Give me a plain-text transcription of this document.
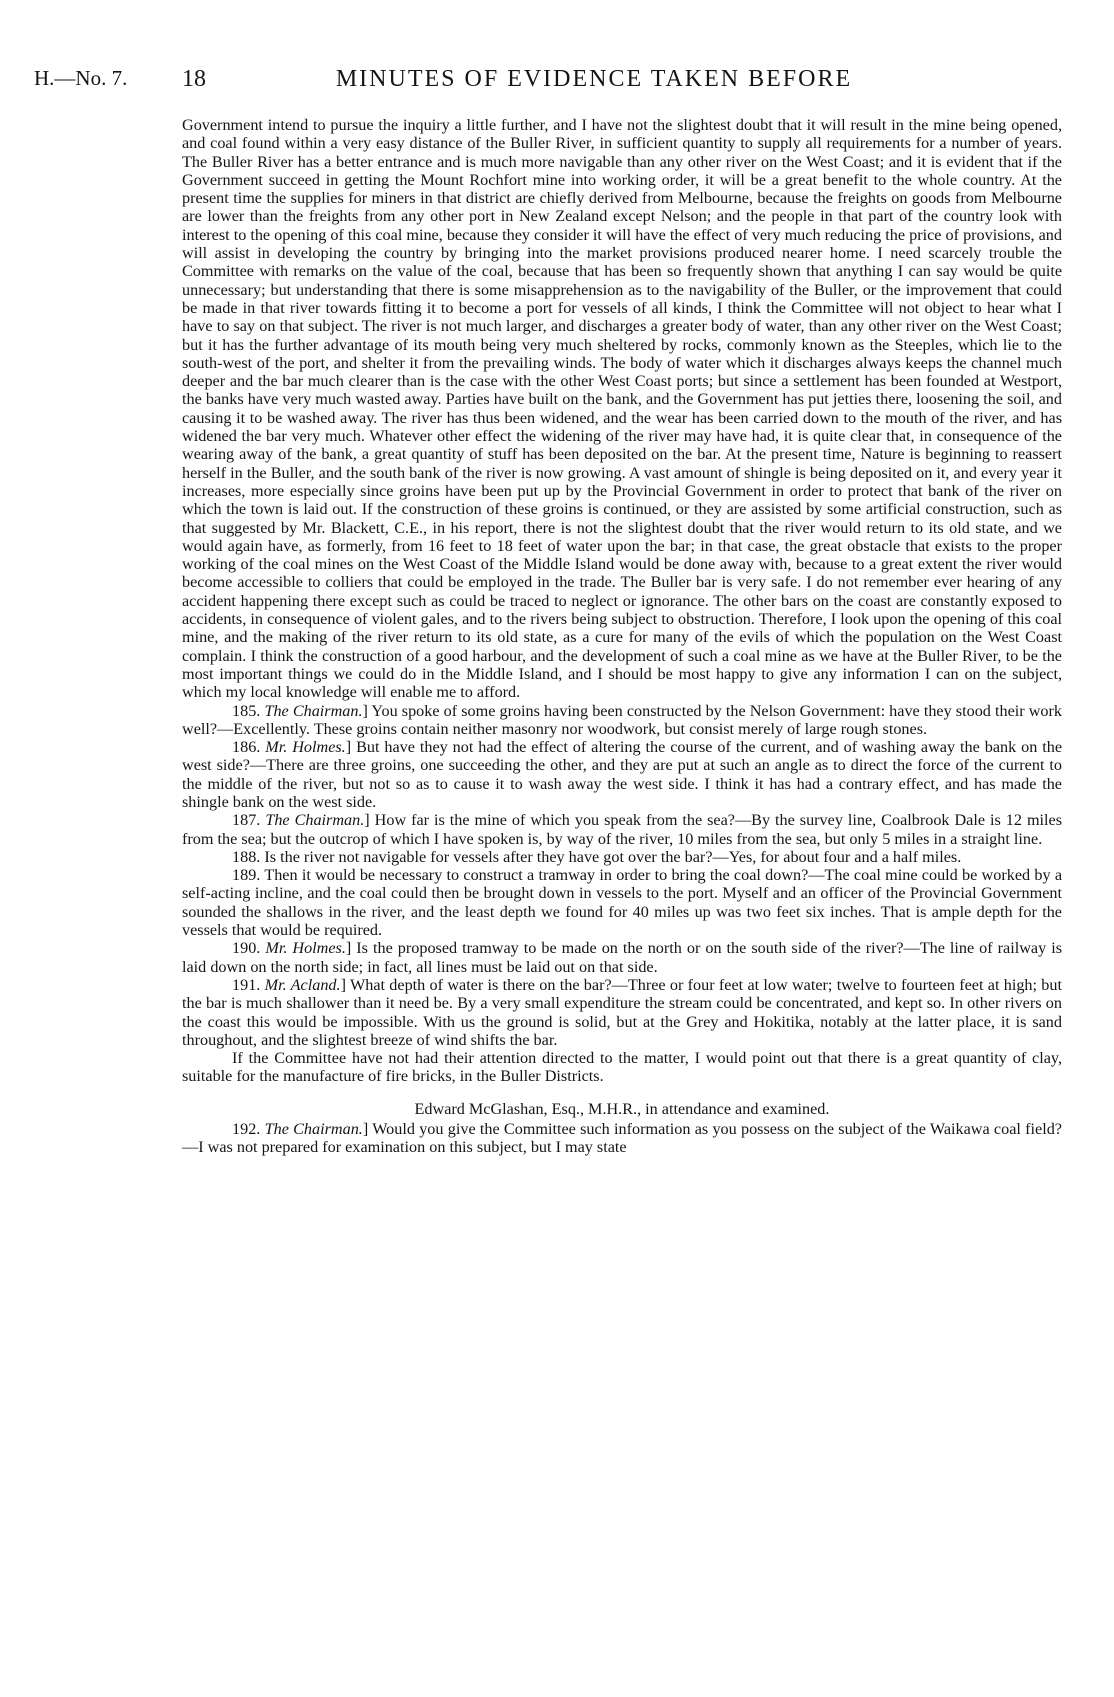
H.—No. 7. 18	MINUTES OF EVIDENCE TAKEN BEFORE

Government intend to pursue the inquiry a little further, and I have not the slightest doubt that it will result in the mine being opened, and coal found within a very easy distance of the Buller River, in sufficient quantity to supply all requirements for a number of years. The Buller River has a better entrance and is much more navigable than any other river on the West Coast; and it is evident that if the Government succeed in getting the Mount Rochfort mine into working order, it will be a great benefit to the whole country. At the present time the supplies for miners in that district are chiefly derived from Melbourne, because the freights on goods from Melbourne are lower than the freights from any other port in New Zealand except Nelson; and the people in that part of the country look with interest to the opening of this coal mine, because they consider it will have the effect of very much reducing the price of provisions, and will assist in developing the country by bringing into the market provisions produced nearer home. I need scarcely trouble the Committee with remarks on the value of the coal, because that has been so frequently shown that anything I can say would be quite unnecessary; but understanding that there is some misapprehension as to the navigability of the Buller, or the improvement that could be made in that river towards fitting it to become a port for vessels of all kinds, I think the Committee will not object to hear what I have to say on that subject. The river is not much larger, and discharges a greater body of water, than any other river on the West Coast; but it has the further advantage of its mouth being very much sheltered by rocks, commonly known as the Steeples, which lie to the south-west of the port, and shelter it from the prevailing winds. The body of water which it discharges always keeps the channel much deeper and the bar much clearer than is the case with the other West Coast ports; but since a settlement has been founded at Westport, the banks have very much wasted away. Parties have built on the bank, and the Government has put jetties there, loosening the soil, and causing it to be washed away. The river has thus been widened, and the wear has been carried down to the mouth of the river, and has widened the bar very much. Whatever other effect the widening of the river may have had, it is quite clear that, in consequence of the wearing away of the bank, a great quantity of stuff has been deposited on the bar. At the present time, Nature is beginning to reassert herself in the Buller, and the south bank of the river is now growing. A vast amount of shingle is being deposited on it, and every year it increases, more especially since groins have been put up by the Provincial Government in order to protect that bank of the river on which the town is laid out. If the construction of these groins is continued, or they are assisted by some artificial construction, such as that suggested by Mr. Blackett, C.E., in his report, there is not the slightest doubt that the river would return to its old state, and we would again have, as formerly, from 16 feet to 18 feet of water upon the bar; in that case, the great obstacle that exists to the proper working of the coal mines on the West Coast of the Middle Island would be done away with, because to a great extent the river would become accessible to colliers that could be employed in the trade. The Buller bar is very safe. I do not remember ever hearing of any accident happening there except such as could be traced to neglect or ignorance. The other bars on the coast are constantly exposed to accidents, in consequence of violent gales, and to the rivers being subject to obstruction. Therefore, I look upon the opening of this coal mine, and the making of the river return to its old state, as a cure for many of the evils of which the population on the West Coast complain. I think the construction of a good harbour, and the development of such a coal mine as we have at the Buller River, to be the most important things we could do in the Middle Island, and I should be most happy to give any information I can on the subject, which my local knowledge will enable me to afford.

185. The Chairman.] You spoke of some groins having been constructed by the Nelson Government: have they stood their work well?—Excellently. These groins contain neither masonry nor woodwork, but consist merely of large rough stones.

186. Mr. Holmes.] But have they not had the effect of altering the course of the current, and of washing away the bank on the west side?—There are three groins, one succeeding the other, and they are put at such an angle as to direct the force of the current to the middle of the river, but not so as to cause it to wash away the west side. I think it has had a contrary effect, and has made the shingle bank on the west side.

187. The Chairman.] How far is the mine of which you speak from the sea?—By the survey line, Coalbrook Dale is 12 miles from the sea; but the outcrop of which I have spoken is, by way of the river, 10 miles from the sea, but only 5 miles in a straight line.

188. Is the river not navigable for vessels after they have got over the bar?—Yes, for about four and a half miles.

189. Then it would be necessary to construct a tramway in order to bring the coal down?—The coal mine could be worked by a self-acting incline, and the coal could then be brought down in vessels to the port. Myself and an officer of the Provincial Government sounded the shallows in the river, and the least depth we found for 40 miles up was two feet six inches. That is ample depth for the vessels that would be required.

190. Mr. Holmes.] Is the proposed tramway to be made on the north or on the south side of the river?—The line of railway is laid down on the north side; in fact, all lines must be laid out on that side.

191. Mr. Acland.] What depth of water is there on the bar?—Three or four feet at low water; twelve to fourteen feet at high; but the bar is much shallower than it need be. By a very small expenditure the stream could be concentrated, and kept so. In other rivers on the coast this would be impossible. With us the ground is solid, but at the Grey and Hokitika, notably at the latter place, it is sand throughout, and the slightest breeze of wind shifts the bar.

If the Committee have not had their attention directed to the matter, I would point out that there is a great quantity of clay, suitable for the manufacture of fire bricks, in the Buller Districts.

Edward McGlashan, Esq., M.H.R., in attendance and examined.

192. The Chairman.] Would you give the Committee such information as you possess on the subject of the Waikawa coal field?—I was not prepared for examination on this subject, but I may state
